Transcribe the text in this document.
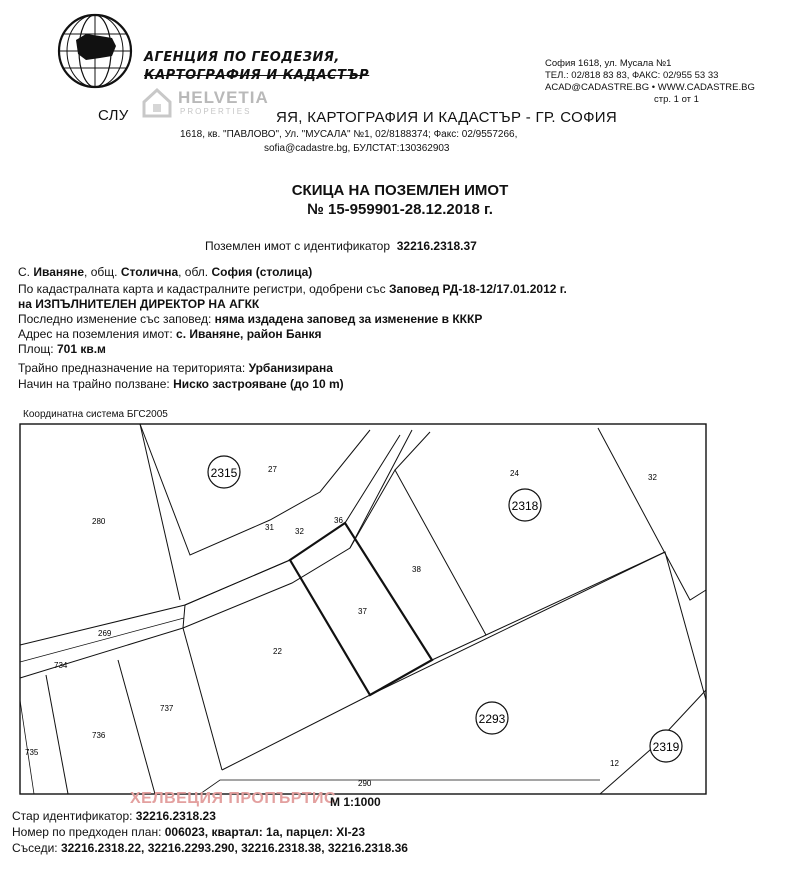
АГЕНЦИЯ ПО ГЕОДЕЗИЯ,
КАРТОГРАФИЯ И КАДАСТЪР
София 1618, ул. Мусала №1
ТЕЛ.: 02/818 83 83, ФАКС: 02/955 53 33
ACAD@CADASTRE.BG • WWW.CADASTRE.BG
стр. 1 от 1
HELVETIA
PROPERTIES
СЛУ	ЯЯ, КАРТОГРАФИЯ И КАДАСТЪР - ГР. СОФИЯ
1618, кв. "ПАВЛОВО", Ул. "МУСАЛА" №1, 02/8188374; Факс: 02/9557266,
sofia@cadastre.bg, БУЛСТАТ:130362903
СКИЦА НА ПОЗЕМЛЕН ИМОТ
№ 15-959901-28.12.2018 г.
Поземлен имот с идентификатор 32216.2318.37
С. Иваняне, общ. Столична, обл. София (столица)
По кадастралната карта и кадастралните регистри, одобрени със Заповед РД-18-12/17.01.2012 г.
на ИЗПЪЛНИТЕЛЕН ДИРЕКТОР НА АГКК
Последно изменение със заповед: няма издадена заповед за изменение в КККР
Адрес на поземления имот: с. Иваняне, район Банкя
Площ: 701 кв.м
Трайно предназначение на територията: Урбанизирана
Начин на трайно ползване: Ниско застрояване (до 10 m)
Координатна система БГС2005
27
280
31	32
36
24	32
38
37
22
269
734
737
736
735
12
290
2315
2318
2293
2319
ХЕЛВЕЦИЯ ПРОПЪРТИС
М 1:1000
Стар идентификатор: 32216.2318.23
Номер по предходен план: 006023, квартал: 1а, парцел: XI-23
Съседи: 32216.2318.22, 32216.2293.290, 32216.2318.38, 32216.2318.36
